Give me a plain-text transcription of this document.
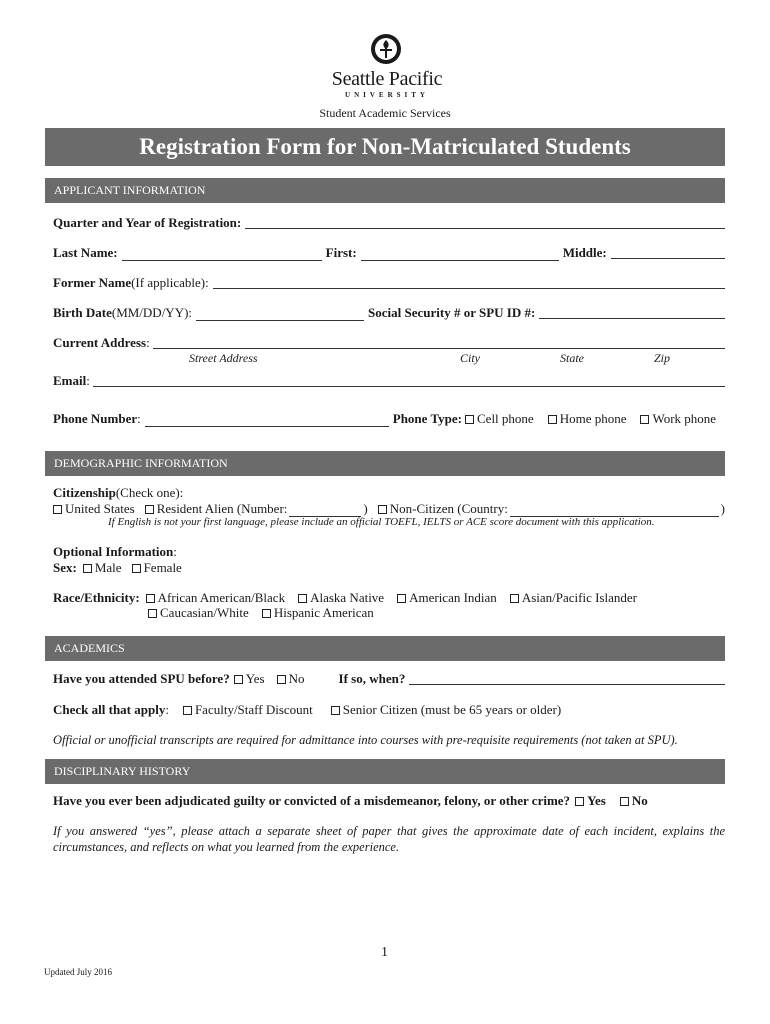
Seattle Pacific
UNIVERSITY
Student Academic Services
Registration Form for Non-Matriculated Students
APPLICANT INFORMATION
Quarter and Year of Registration:
Last Name:	First:	Middle:
Former Name (If applicable):
Birth Date (MM/DD/YY):	Social Security # or SPU ID #:
Current Address :
Street Address	City	State	Zip
Email :
Phone Number :	Phone Type:	Cell phone	Home phone	Work phone
DEMOGRAPHIC INFORMATION
Citizenship (Check one):
United States	Resident Alien (Number:	)	Non-Citizen (Country:	)
If English is not your first language, please include an official TOEFL, IELTS or ACE score document with this application.
Optional Information :
Sex:	Male	Female
Race/Ethnicity:	African American/Black	Alaska Native	American Indian	Asian/Pacific Islander
Caucasian/White	Hispanic American
ACADEMICS
Have you attended SPU before?	Yes	No	If so, when?
Check all that apply :	Faculty/Staff Discount	Senior Citizen (must be 65 years or older)
Official or unofficial transcripts are required for admittance into courses with pre-requisite requirements (not taken at SPU).
DISCIPLINARY HISTORY
Have you ever been adjudicated guilty or convicted of a misdemeanor, felony, or other crime?	Yes	No
If you answered “yes”, please attach a separate sheet of paper that gives the approximate date of each incident, explains the circumstances, and reflects on what you learned from the experience.
1
Updated July 2016
